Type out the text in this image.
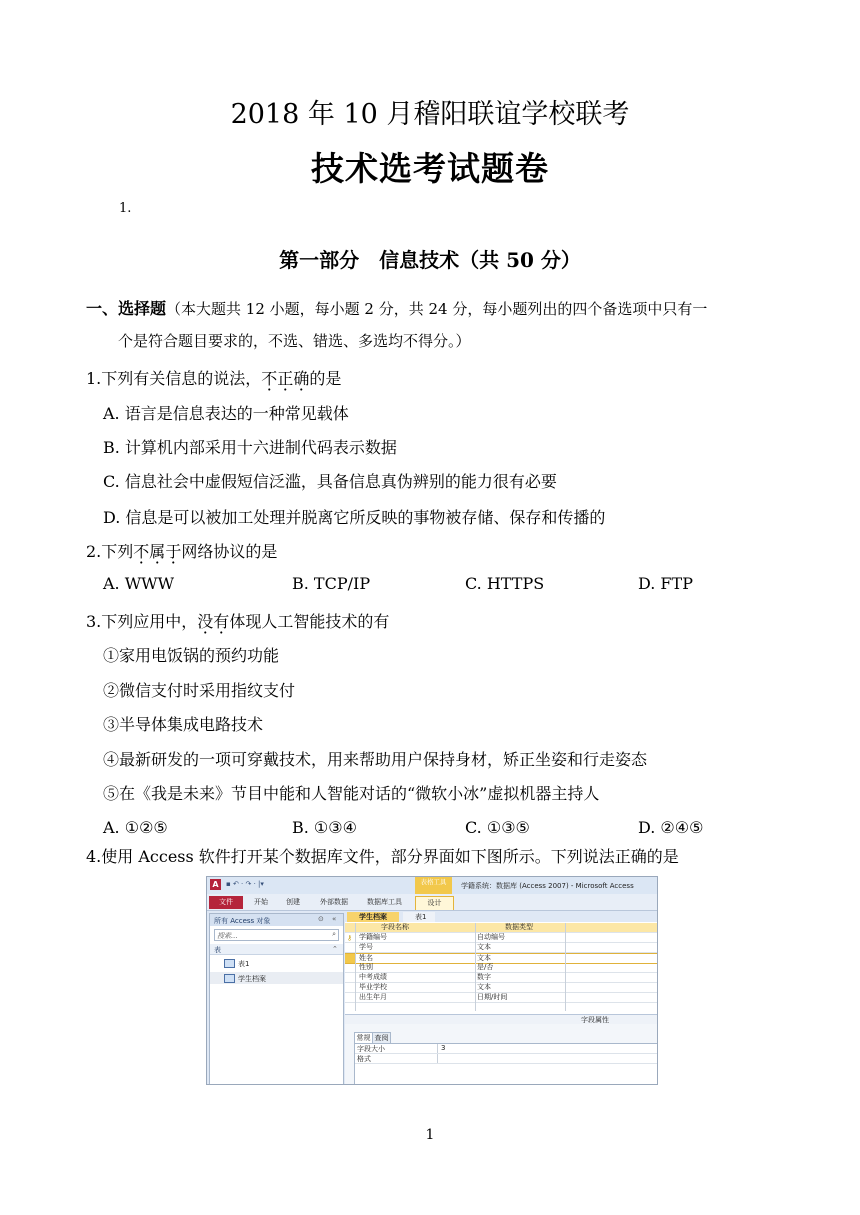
2018 年 10 月稽阳联谊学校联考
技术选考试题卷
1.
第一部分　信息技术（共 50 分）
一、选择题（本大题共 12 小题，每小题 2 分，共 24 分，每小题列出的四个备选项中只有一
个是符合题目要求的，不选、错选、多选均不得分。）
1.下列有关信息的说法，不正确的是
A. 语言是信息表达的一种常见载体
B. 计算机内部采用十六进制代码表示数据
C. 信息社会中虚假短信泛滥，具备信息真伪辨别的能力很有必要
D. 信息是可以被加工处理并脱离它所反映的事物被存储、保存和传播的
2.下列不属于网络协议的是
A. WWW	B. TCP/IP	C. HTTPS	D. FTP
3.下列应用中，没有体现人工智能技术的有
①家用电饭锅的预约功能
②微信支付时采用指纹支付
③半导体集成电路技术
④最新研发的一项可穿戴技术，用来帮助用户保持身材，矫正坐姿和行走姿态
⑤在《我是未来》节目中能和人智能对话的“微软小冰”虚拟机器主持人
A. ①②⑤	B. ①③④	C. ①③⑤	D. ②④⑤
4.使用 Access 软件打开某个数据库文件，部分界面如下图所示。下列说法正确的是
A	▪ ↶ · ↷ · |▾	表格工具	学籍系统：数据库 (Access 2007) - Microsoft Access
文件	开始	创建	外部数据	数据库工具	设计
所有 Access 对象	⊙ «
搜索...	⌕
表	⌃
表1
学生档案
学生档案	表1
字段名称	数据类型
⚷ 学籍编号	自动编号
学号	文本
姓名	文本
性别	是/否
中考成绩	数字
毕业学校	文本
出生年月	日期/时间
字段属性
常规 查阅
字段大小	3
格式
1
